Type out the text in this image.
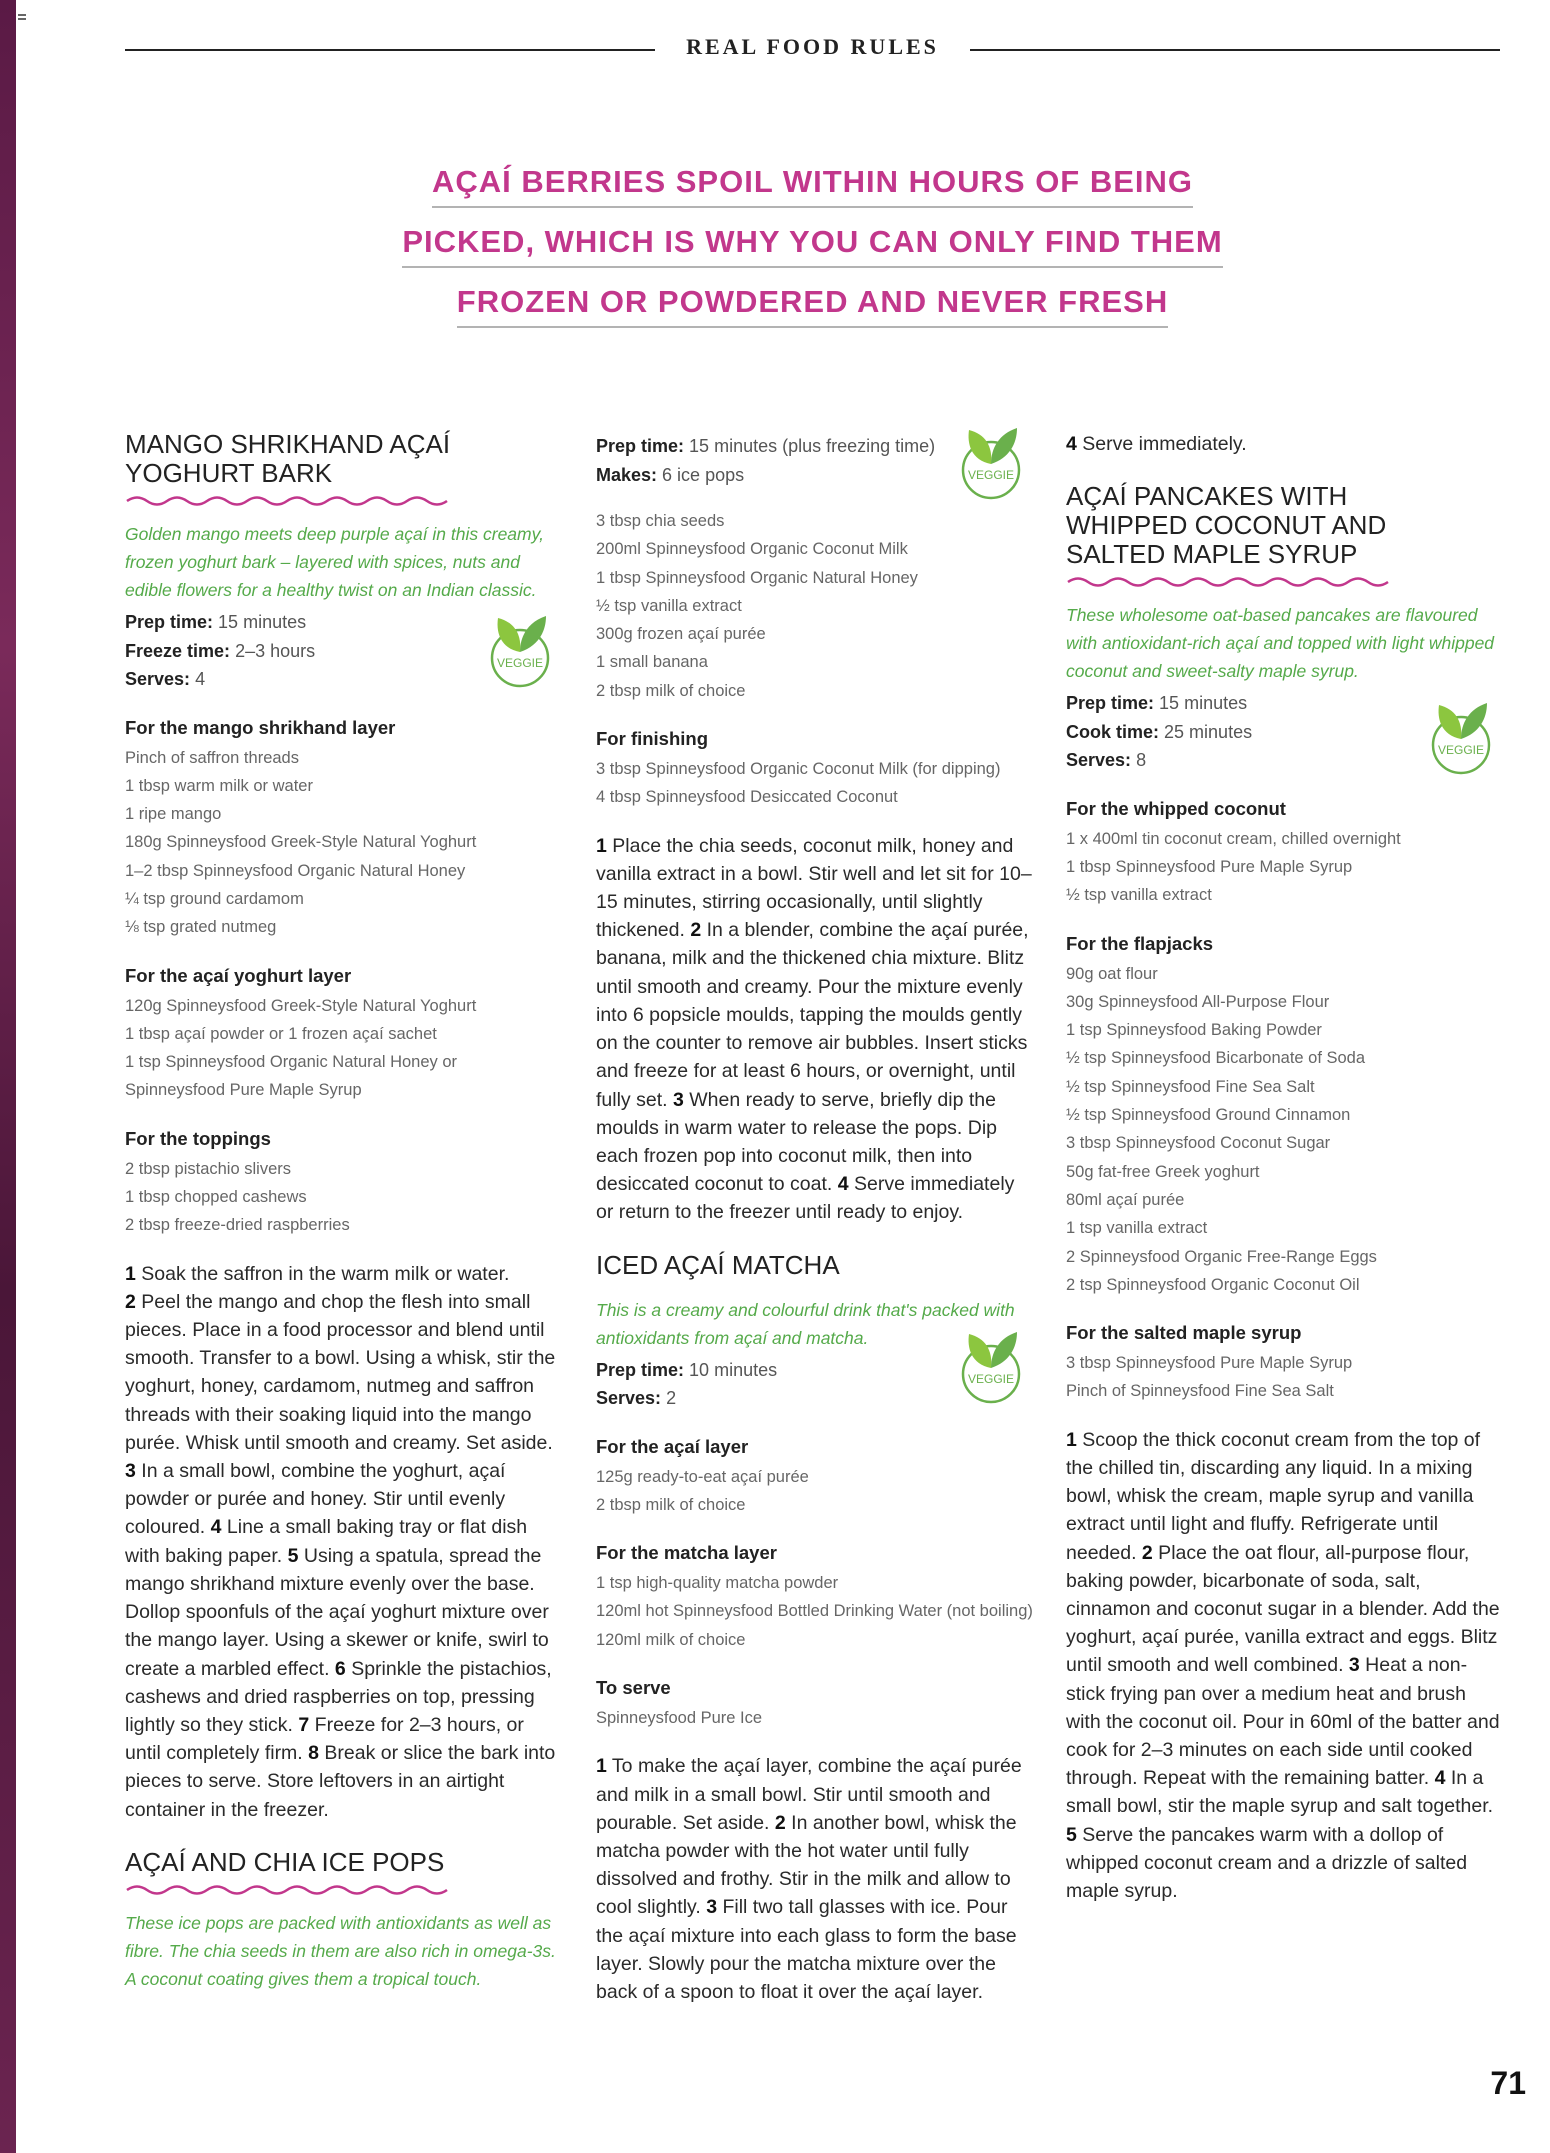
REAL FOOD RULES
AÇAÍ BERRIES SPOIL WITHIN HOURS OF BEING
PICKED, WHICH IS WHY YOU CAN ONLY FIND THEM
FROZEN OR POWDERED AND NEVER FRESH
MANGO SHRIKHAND AÇAÍ
YOGHURT BARK
Golden mango meets deep purple açaí in this creamy, frozen yoghurt bark – layered with spices, nuts and edible flowers for a healthy twist on an Indian classic.
Prep time: 15 minutes
Freeze time: 2–3 hours
Serves: 4
VEGGIE
For the mango shrikhand layer
Pinch of saffron threads
1 tbsp warm milk or water
1 ripe mango
180g Spinneysfood Greek-Style Natural Yoghurt
1–2 tbsp Spinneysfood Organic Natural Honey
¼ tsp ground cardamom
⅛ tsp grated nutmeg
For the açaí yoghurt layer
120g Spinneysfood Greek-Style Natural Yoghurt
1 tbsp açaí powder or 1 frozen açaí sachet
1 tsp Spinneysfood Organic Natural Honey or
Spinneysfood Pure Maple Syrup
For the toppings
2 tbsp pistachio slivers
1 tbsp chopped cashews
2 tbsp freeze-dried raspberries
1 Soak the saffron in the warm milk or water.
2 Peel the mango and chop the flesh into small pieces. Place in a food processor and blend until smooth. Transfer to a bowl. Using a whisk, stir the yoghurt, honey, cardamom, nutmeg and saffron threads with their soaking liquid into the mango purée. Whisk until smooth and creamy. Set aside.
3 In a small bowl, combine the yoghurt, açaí powder or purée and honey. Stir until evenly coloured. 4 Line a small baking tray or flat dish with baking paper. 5 Using a spatula, spread the mango shrikhand mixture evenly over the base. Dollop spoonfuls of the açaí yoghurt mixture over the mango layer. Using a skewer or knife, swirl to create a marbled effect. 6 Sprinkle the pistachios, cashews and dried raspberries on top, pressing lightly so they stick. 7 Freeze for 2–3 hours, or until completely firm. 8 Break or slice the bark into pieces to serve. Store leftovers in an airtight container in the freezer.
AÇAÍ AND CHIA ICE POPS
These ice pops are packed with antioxidants as well as fibre. The chia seeds in them are also rich in omega-3s. A coconut coating gives them a tropical touch.
Prep time: 15 minutes (plus freezing time)
Makes: 6 ice pops	VEGGIE
3 tbsp chia seeds
200ml Spinneysfood Organic Coconut Milk
1 tbsp Spinneysfood Organic Natural Honey
½ tsp vanilla extract
300g frozen açaí purée
1 small banana
2 tbsp milk of choice
For finishing
3 tbsp Spinneysfood Organic Coconut Milk (for dipping)
4 tbsp Spinneysfood Desiccated Coconut
1 Place the chia seeds, coconut milk, honey and vanilla extract in a bowl. Stir well and let sit for 10–15 minutes, stirring occasionally, until slightly thickened. 2 In a blender, combine the açaí purée, banana, milk and the thickened chia mixture. Blitz until smooth and creamy. Pour the mixture evenly into 6 popsicle moulds, tapping the moulds gently on the counter to remove air bubbles. Insert sticks and freeze for at least 6 hours, or overnight, until fully set. 3 When ready to serve, briefly dip the moulds in warm water to release the pops. Dip each frozen pop into coconut milk, then into desiccated coconut to coat. 4 Serve immediately or return to the freezer until ready to enjoy.
ICED AÇAÍ MATCHA
This is a creamy and colourful drink that's packed with antioxidants from açaí and matcha.
Prep time: 10 minutes
Serves: 2
VEGGIE
For the açaí layer
125g ready-to-eat açaí purée
2 tbsp milk of choice
For the matcha layer
1 tsp high-quality matcha powder
120ml hot Spinneysfood Bottled Drinking Water (not boiling)
120ml milk of choice
To serve
Spinneysfood Pure Ice
1 To make the açaí layer, combine the açaí purée and milk in a small bowl. Stir until smooth and pourable. Set aside. 2 In another bowl, whisk the matcha powder with the hot water until fully dissolved and frothy. Stir in the milk and allow to cool slightly. 3 Fill two tall glasses with ice. Pour the açaí mixture into each glass to form the base layer. Slowly pour the matcha mixture over the back of a spoon to float it over the açaí layer.
4 Serve immediately.
AÇAÍ PANCAKES WITH
WHIPPED COCONUT AND
SALTED MAPLE SYRUP
These wholesome oat-based pancakes are flavoured with antioxidant-rich açaí and topped with light whipped coconut and sweet-salty maple syrup.
Prep time: 15 minutes
Cook time: 25 minutes
Serves: 8	VEGGIE
For the whipped coconut
1 x 400ml tin coconut cream, chilled overnight
1 tbsp Spinneysfood Pure Maple Syrup
½ tsp vanilla extract
For the flapjacks
90g oat flour
30g Spinneysfood All-Purpose Flour
1 tsp Spinneysfood Baking Powder
½ tsp Spinneysfood Bicarbonate of Soda
½ tsp Spinneysfood Fine Sea Salt
½ tsp Spinneysfood Ground Cinnamon
3 tbsp Spinneysfood Coconut Sugar
50g fat-free Greek yoghurt
80ml açaí purée
1 tsp vanilla extract
2 Spinneysfood Organic Free-Range Eggs
2 tsp Spinneysfood Organic Coconut Oil
For the salted maple syrup
3 tbsp Spinneysfood Pure Maple Syrup
Pinch of Spinneysfood Fine Sea Salt
1 Scoop the thick coconut cream from the top of the chilled tin, discarding any liquid. In a mixing bowl, whisk the cream, maple syrup and vanilla extract until light and fluffy. Refrigerate until needed. 2 Place the oat flour, all-purpose flour, baking powder, bicarbonate of soda, salt, cinnamon and coconut sugar in a blender. Add the yoghurt, açaí purée, vanilla extract and eggs. Blitz until smooth and well combined. 3 Heat a non-stick frying pan over a medium heat and brush with the coconut oil. Pour in 60ml of the batter and cook for 2–3 minutes on each side until cooked through. Repeat with the remaining batter. 4 In a small bowl, stir the maple syrup and salt together. 5 Serve the pancakes warm with a dollop of whipped coconut cream and a drizzle of salted maple syrup.
71
